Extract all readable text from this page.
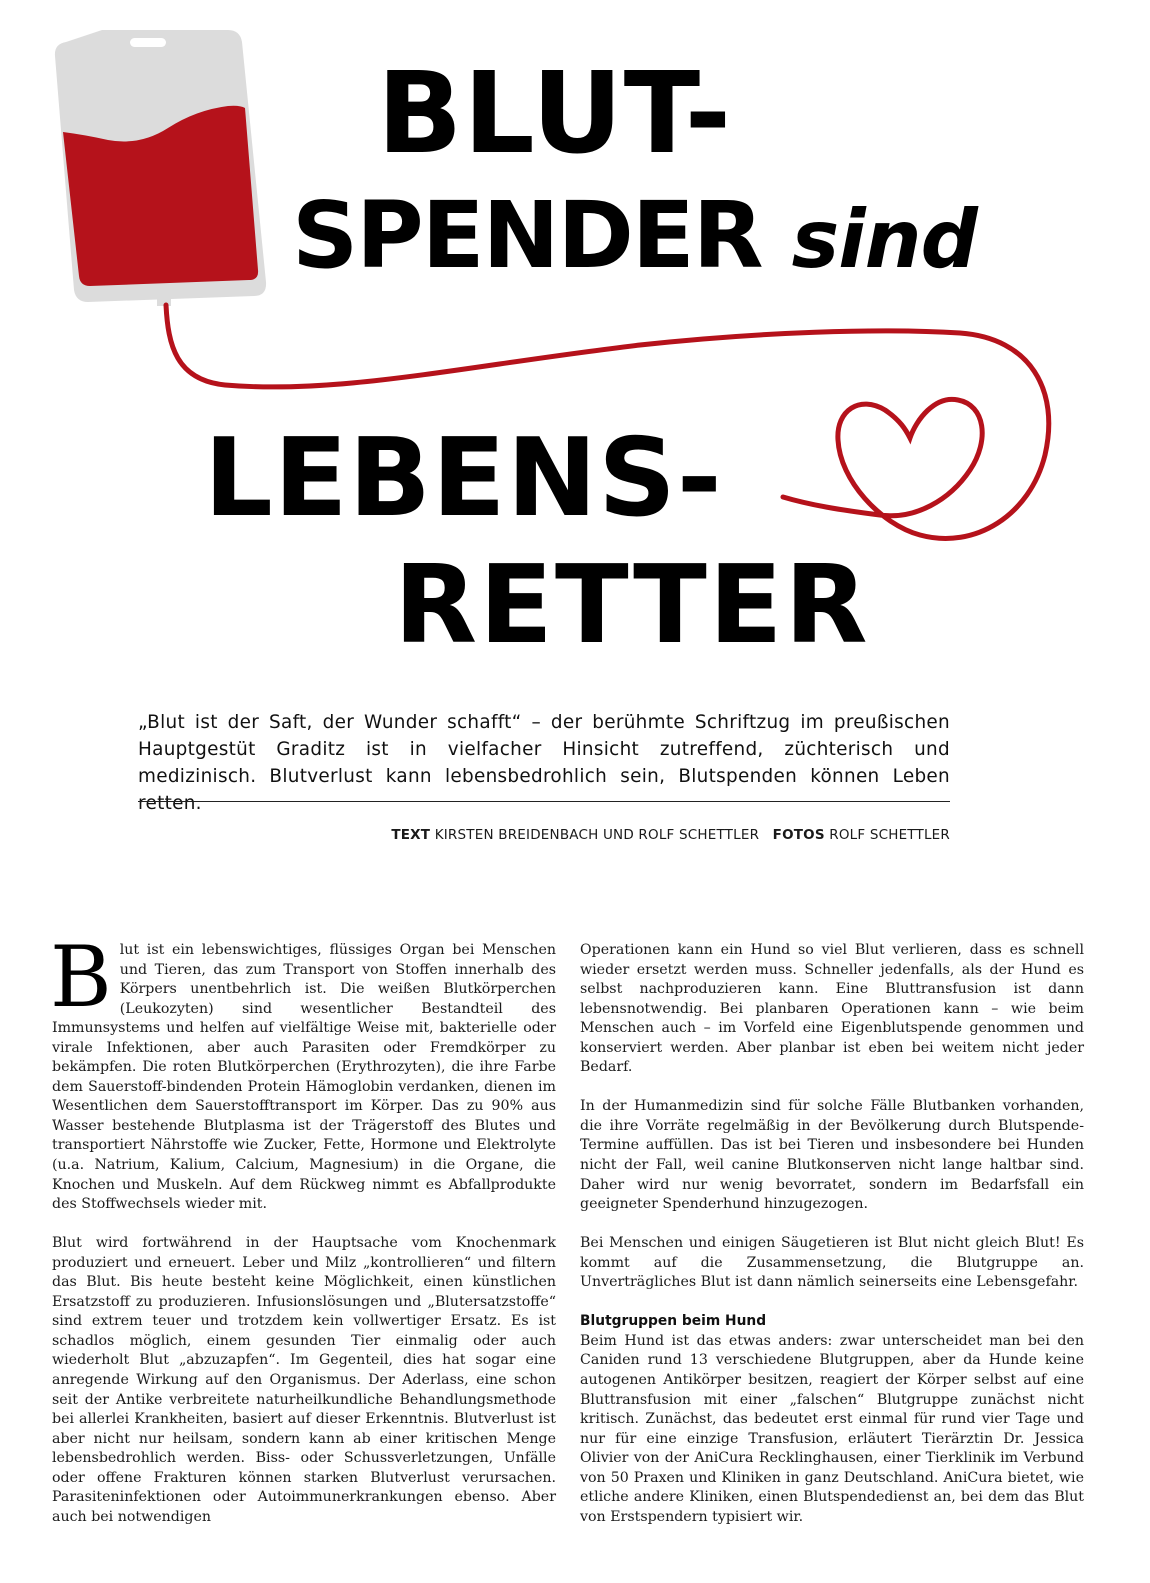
BLUT-
SPENDER sind
LEBENS-
RETTER

„Blut ist der Saft, der Wunder schafft“ – der berühmte Schriftzug im preußischen Hauptgestüt Graditz ist in vielfacher Hinsicht zutreffend, züchterisch und medizinisch. Blutverlust kann lebensbedrohlich sein, Blutspenden können Leben retten.

TEXT KIRSTEN BREIDENBACH UND ROLF SCHETTLER FOTOS ROLF SCHETTLER

Blut ist ein lebenswichtiges, flüssiges Organ bei Menschen und Tieren, das zum Transport von Stoffen innerhalb des Körpers unentbehrlich ist. Die weißen Blutkörperchen (Leukozyten) sind wesentlicher Bestandteil des Immunsystems und helfen auf vielfältige Weise mit, bakterielle oder virale Infektionen, aber auch Parasiten oder Fremdkörper zu bekämpfen. Die roten Blutkörperchen (Erythrozyten), die ihre Farbe dem Sauerstoff-bindenden Protein Hämoglobin verdanken, dienen im Wesentlichen dem Sauerstofftransport im Körper. Das zu 90% aus Wasser bestehende Blutplasma ist der Trägerstoff des Blutes und transportiert Nährstoffe wie Zucker, Fette, Hormone und Elektrolyte (u.a. Natrium, Kalium, Calcium, Magnesium) in die Organe, die Knochen und Muskeln. Auf dem Rückweg nimmt es Abfallprodukte des Stoffwechsels wieder mit.

Blut wird fortwährend in der Hauptsache vom Knochenmark produziert und erneuert. Leber und Milz „kontrollieren“ und filtern das Blut. Bis heute besteht keine Möglichkeit, einen künstlichen Ersatzstoff zu produzieren. Infusionslösungen und „Blutersatzstoffe“ sind extrem teuer und trotzdem kein vollwertiger Ersatz. Es ist schadlos möglich, einem gesunden Tier einmalig oder auch wiederholt Blut „abzuzapfen“. Im Gegenteil, dies hat sogar eine anregende Wirkung auf den Organismus. Der Aderlass, eine schon seit der Antike verbreitete naturheilkundliche Behandlungsmethode bei allerlei Krankheiten, basiert auf dieser Erkenntnis. Blutverlust ist aber nicht nur heilsam, sondern kann ab einer kritischen Menge lebensbedrohlich werden. Biss- oder Schussverletzungen, Unfälle oder offene Frakturen können starken Blutverlust verursachen. Parasiteninfektionen oder Autoimmunerkrankungen ebenso. Aber auch bei notwendigen

Operationen kann ein Hund so viel Blut verlieren, dass es schnell wieder ersetzt werden muss. Schneller jedenfalls, als der Hund es selbst nachproduzieren kann. Eine Bluttransfusion ist dann lebensnotwendig. Bei planbaren Operationen kann – wie beim Menschen auch – im Vorfeld eine Eigenblutspende genommen und konserviert werden. Aber planbar ist eben bei weitem nicht jeder Bedarf.

In der Humanmedizin sind für solche Fälle Blutbanken vorhanden, die ihre Vorräte regelmäßig in der Bevölkerung durch Blutspende-Termine auffüllen. Das ist bei Tieren und insbesondere bei Hunden nicht der Fall, weil canine Blutkonserven nicht lange haltbar sind. Daher wird nur wenig bevorratet, sondern im Bedarfsfall ein geeigneter Spenderhund hinzugezogen.

Bei Menschen und einigen Säugetieren ist Blut nicht gleich Blut! Es kommt auf die Zusammensetzung, die Blutgruppe an. Unverträgliches Blut ist dann nämlich seinerseits eine Lebensgefahr.

Blutgruppen beim Hund

Beim Hund ist das etwas anders: zwar unterscheidet man bei den Caniden rund 13 verschiedene Blutgruppen, aber da Hunde keine autogenen Antikörper besitzen, reagiert der Körper selbst auf eine Bluttransfusion mit einer „falschen“ Blutgruppe zunächst nicht kritisch. Zunächst, das bedeutet erst einmal für rund vier Tage und nur für eine einzige Transfusion, erläutert Tierärztin Dr. Jessica Olivier von der AniCura Recklinghausen, einer Tierklinik im Verbund von 50 Praxen und Kliniken in ganz Deutschland. AniCura bietet, wie etliche andere Kliniken, einen Blutspendedienst an, bei dem das Blut von Erstspendern typisiert wir.
